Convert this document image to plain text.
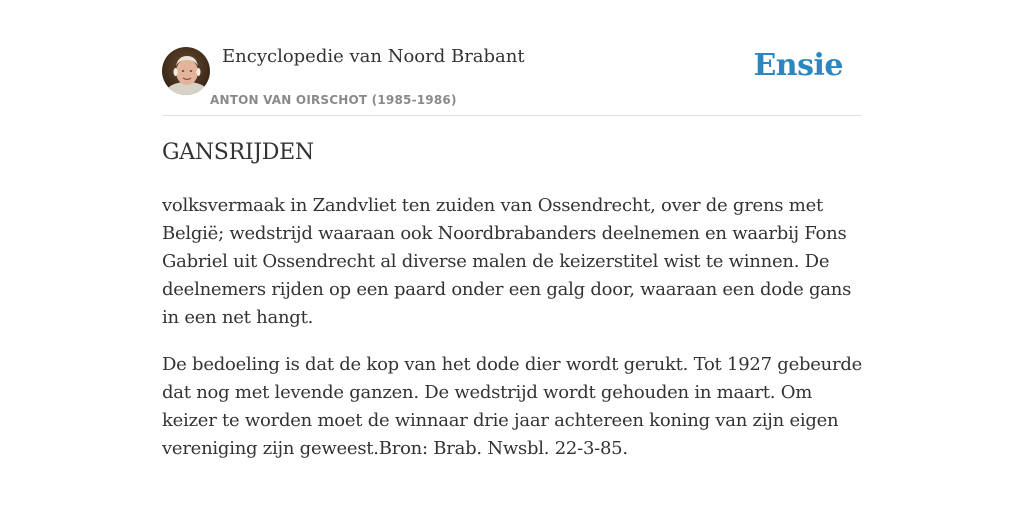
Encyclopedie van Noord Brabant
ANTON VAN OIRSCHOT (1985-1986)
Ensie
GANSRIJDEN

volksvermaak in Zandvliet ten zuiden van Ossendrecht, over de grens met België; wedstrijd waaraan ook Noordbrabanders deelnemen en waarbij Fons Gabriel uit Ossendrecht al diverse malen de keizerstitel wist te winnen. De deelnemers rijden op een paard onder een galg door, waaraan een dode gans in een net hangt.

De bedoeling is dat de kop van het dode dier wordt gerukt. Tot 1927 gebeurde dat nog met levende ganzen. De wedstrijd wordt gehouden in maart. Om keizer te worden moet de winnaar drie jaar achtereen koning van zijn eigen vereniging zijn geweest.Bron: Brab. Nwsbl. 22-3-85.
